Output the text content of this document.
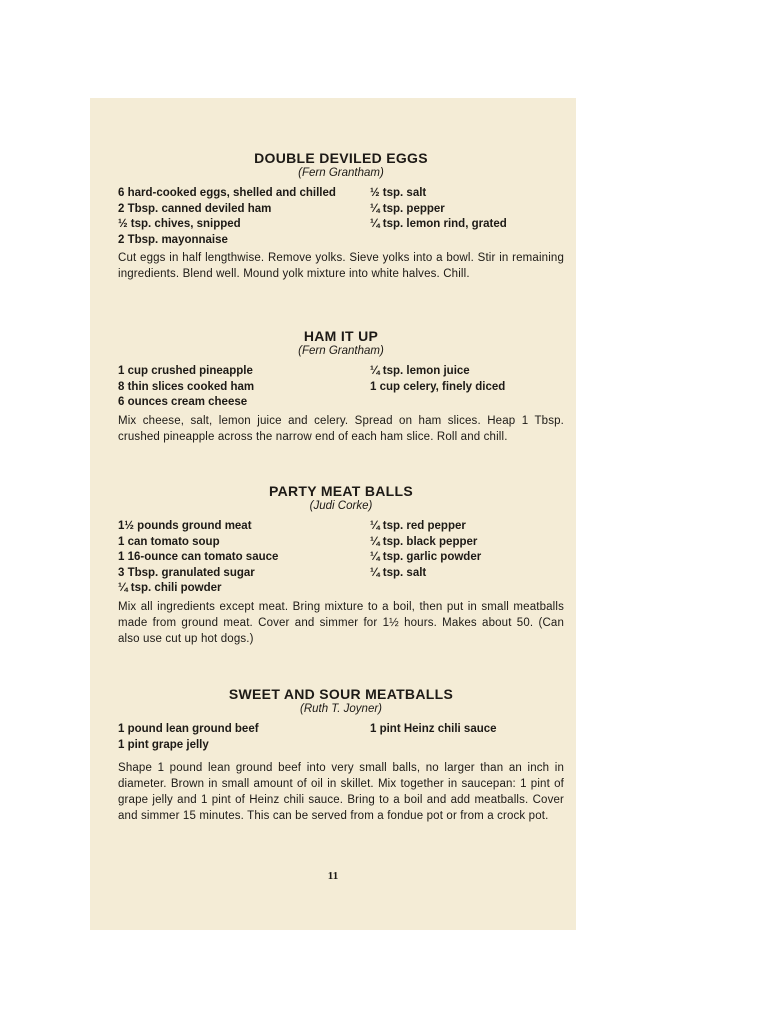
DOUBLE DEVILED EGGS

(Fern Grantham)

6 hard-cooked eggs, shelled and chilled
2 Tbsp. canned deviled ham
½ tsp. chives, snipped
2 Tbsp. mayonnaise
½ tsp. salt
¼ tsp. pepper
¼ tsp. lemon rind, grated

Cut eggs in half lengthwise. Remove yolks. Sieve yolks into a bowl. Stir in remaining ingredients. Blend well. Mound yolk mixture into white halves. Chill.

HAM IT UP

(Fern Grantham)

1 cup crushed pineapple
8 thin slices cooked ham
6 ounces cream cheese
¼ tsp. lemon juice
1 cup celery, finely diced

Mix cheese, salt, lemon juice and celery. Spread on ham slices. Heap 1 Tbsp. crushed pineapple across the narrow end of each ham slice. Roll and chill.

PARTY MEAT BALLS

(Judi Corke)

1½ pounds ground meat
1 can tomato soup
1 16-ounce can tomato sauce
3 Tbsp. granulated sugar
¼ tsp. chili powder
¼ tsp. red pepper
¼ tsp. black pepper
¼ tsp. garlic powder
¼ tsp. salt

Mix all ingredients except meat. Bring mixture to a boil, then put in small meatballs made from ground meat. Cover and simmer for 1½ hours. Makes about 50. (Can also use cut up hot dogs.)

SWEET AND SOUR MEATBALLS

(Ruth T. Joyner)

1 pound lean ground beef
1 pint grape jelly
1 pint Heinz chili sauce

Shape 1 pound lean ground beef into very small balls, no larger than an inch in diameter. Brown in small amount of oil in skillet. Mix together in saucepan: 1 pint of grape jelly and 1 pint of Heinz chili sauce. Bring to a boil and add meatballs. Cover and simmer 15 minutes. This can be served from a fondue pot or from a crock pot.

11
